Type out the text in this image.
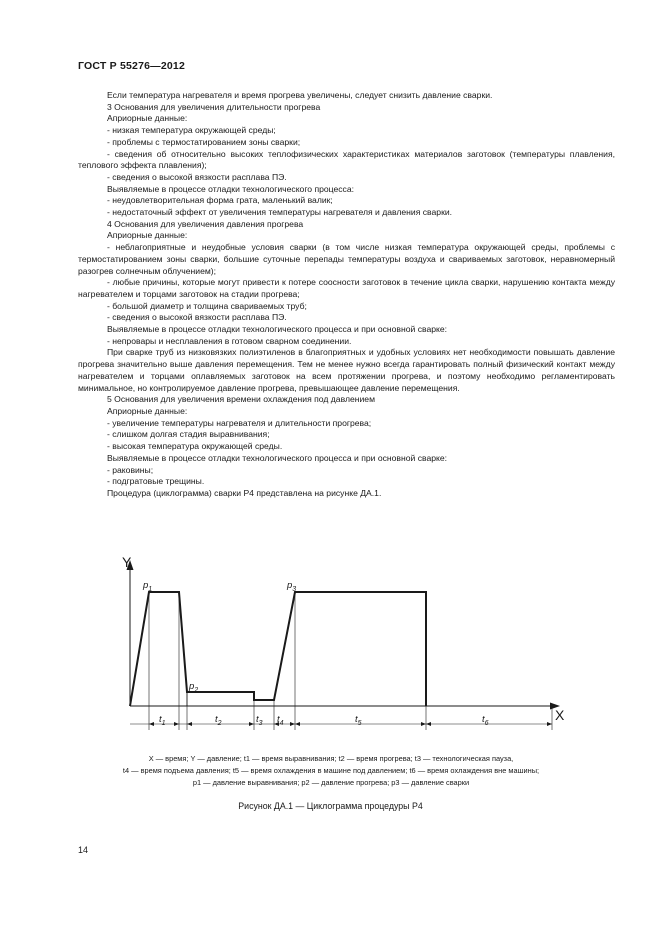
ГОСТ Р 55276—2012

Если температура нагревателя и время прогрева увеличены, следует снизить давление сварки.

3 Основания для увеличения длительности прогрева

Априорные данные:

- низкая температура окружающей среды;

- проблемы с термостатированием зоны сварки;

- сведения об относительно высоких теплофизических характеристиках материалов заготовок (температуры плавления, теплового эффекта плавления);

- сведения о высокой вязкости расплава ПЭ.

Выявляемые в процессе отладки технологического процесса:

- неудовлетворительная форма грата, маленький валик;

- недостаточный эффект от увеличения температуры нагревателя и давления сварки.

4 Основания для увеличения давления прогрева

Априорные данные:

- неблагоприятные и неудобные условия сварки (в том числе низкая температура окружающей среды, проблемы с термостатированием зоны сварки, большие суточные перепады температуры воздуха и свариваемых заготовок, неравномерный разогрев солнечным облучением);

- любые причины, которые могут привести к потере соосности заготовок в течение цикла сварки, нарушению контакта между нагревателем и торцами заготовок на стадии прогрева;

- большой диаметр и толщина свариваемых труб;

- сведения о высокой вязкости расплава ПЭ.

Выявляемые в процессе отладки технологического процесса и при основной сварке:

- непровары и несплавления в готовом сварном соединении.

При сварке труб из низковязких полиэтиленов в благоприятных и удобных условиях нет необходимости повышать давление прогрева значительно выше давления перемещения. Тем не менее нужно всегда гарантировать полный физический контакт между нагревателем и торцами оплавляемых заготовок на всем протяжении прогрева, и поэтому необходимо регламентировать минимальное, но контролируемое давление прогрева, превышающее давление перемещения.

5 Основания для увеличения времени охлаждения под давлением

Априорные данные:

- увеличение температуры нагревателя и длительности прогрева;

- слишком долгая стадия выравнивания;

- высокая температура окружающей среды.

Выявляемые в процессе отладки технологического процесса и при основной сварке:

- раковины;

- подгратовые трещины.

Процедура (циклограмма) сварки Р4 представлена на рисунке ДА.1.

Y
X
$p_1$
$p_2$
$p_3$
$t_1$	$t_2$	$t_3$ $t_4$	$t_5$	$t_6$

X — время; Y — давление; t1 — время выравнивания; t2 — время прогрева; t3 — технологическая пауза,

t4 — время подъема давления; t5 — время охлаждения в машине под давлением; t6 — время охлаждения вне машины;

p1 — давление выравнивания; p2 — давление прогрева; p3 — давление сварки

Рисунок ДА.1 — Циклограмма процедуры Р4
14
